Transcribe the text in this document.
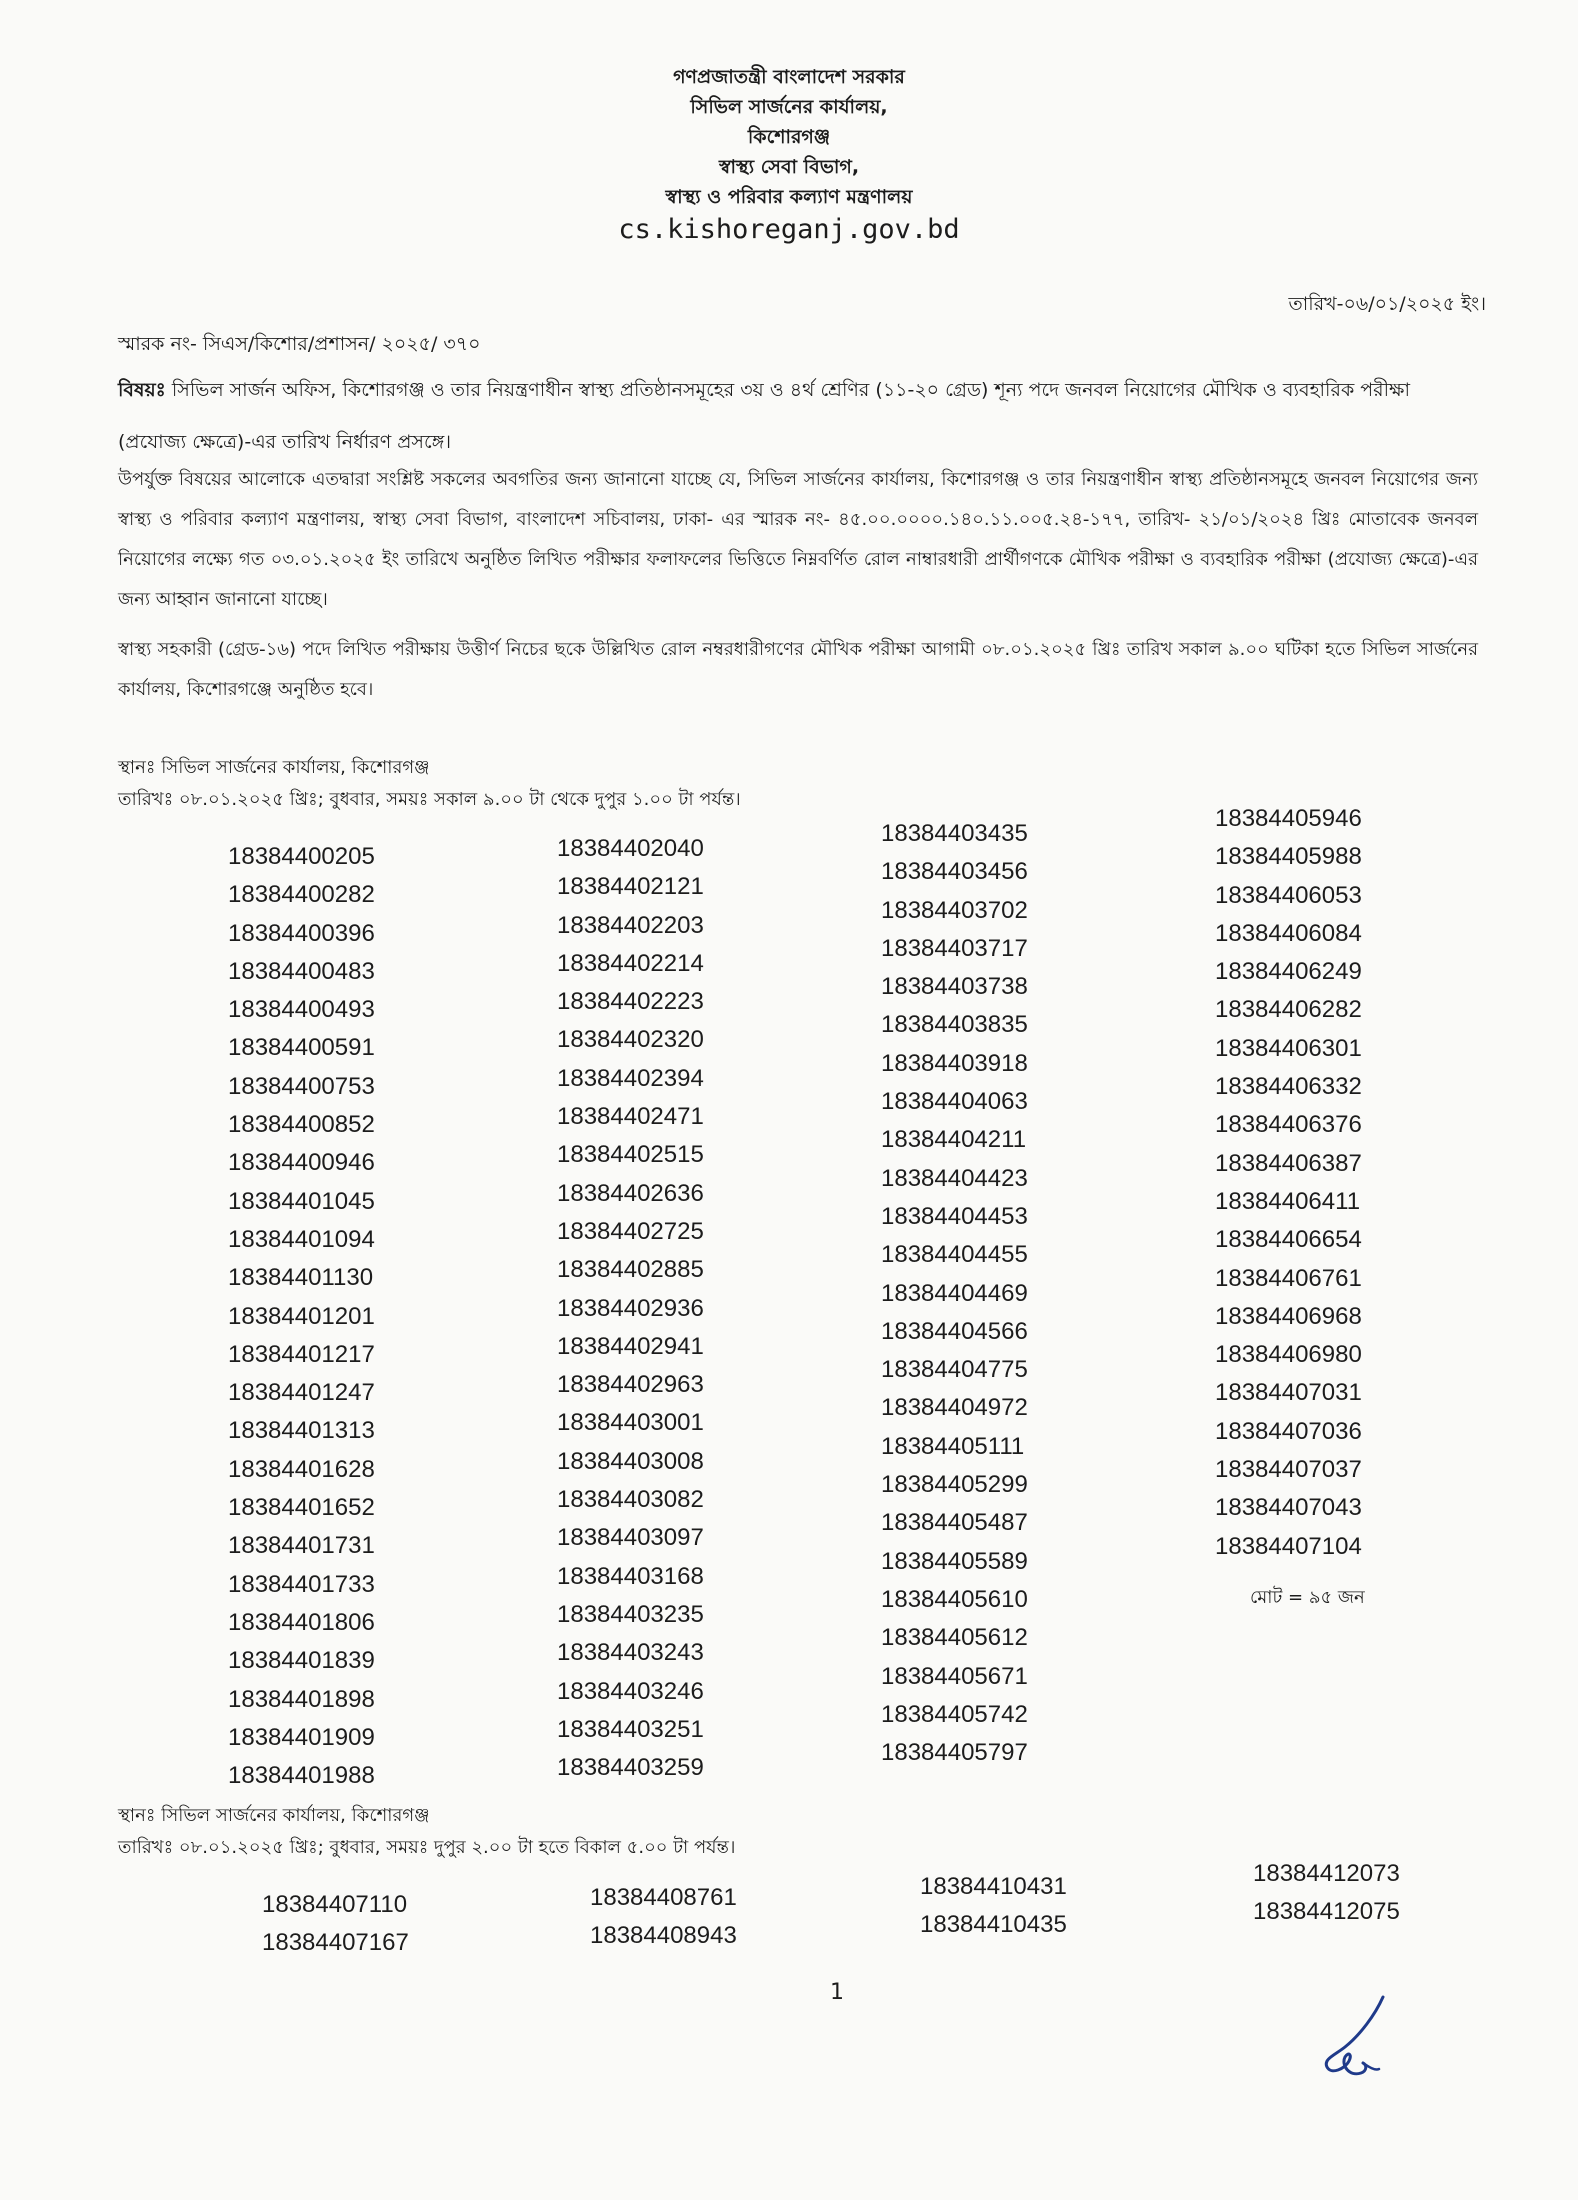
গণপ্রজাতন্ত্রী বাংলাদেশ সরকার
সিভিল সার্জনের কার্যালয়,
কিশোরগঞ্জ
স্বাস্থ্য সেবা বিভাগ,
স্বাস্থ্য ও পরিবার কল্যাণ মন্ত্রণালয়
cs.kishoreganj.gov.bd
তারিখ-০৬/০১/২০২৫ ইং।
স্মারক নং- সিএস/কিশোর/প্রশাসন/ ২০২৫/ ৩৭০
বিষয়ঃ সিভিল সার্জন অফিস, কিশোরগঞ্জ ও তার নিয়ন্ত্রণাধীন স্বাস্থ্য প্রতিষ্ঠানসমূহের ৩য় ও ৪র্থ শ্রেণির (১১-২০ গ্রেড) শূন্য পদে জনবল নিয়োগের মৌখিক ও ব্যবহারিক পরীক্ষা (প্রযোজ্য ক্ষেত্রে)-এর তারিখ নির্ধারণ প্রসঙ্গে।
উপর্যুক্ত বিষয়ের আলোকে এতদ্বারা সংশ্লিষ্ট সকলের অবগতির জন্য জানানো যাচ্ছে যে, সিভিল সার্জনের কার্যালয়, কিশোরগঞ্জ ও তার নিয়ন্ত্রণাধীন স্বাস্থ্য প্রতিষ্ঠানসমূহে জনবল নিয়োগের জন্য স্বাস্থ্য ও পরিবার কল্যাণ মন্ত্রণালয়, স্বাস্থ্য সেবা বিভাগ, বাংলাদেশ সচিবালয়, ঢাকা- এর স্মারক নং- ৪৫.০০.০০০০.১৪০.১১.০০৫.২৪-১৭৭, তারিখ- ২১/০১/২০২৪ খ্রিঃ মোতাবেক জনবল নিয়োগের লক্ষ্যে গত ০৩.০১.২০২৫ ইং তারিখে অনুষ্ঠিত লিখিত পরীক্ষার ফলাফলের ভিত্তিতে নিম্নবর্ণিত রোল নাম্বারধারী প্রার্থীগণকে মৌখিক পরীক্ষা ও ব্যবহারিক পরীক্ষা (প্রযোজ্য ক্ষেত্রে)-এর জন্য আহ্বান জানানো যাচ্ছে।
স্বাস্থ্য সহকারী (গ্রেড-১৬) পদে লিখিত পরীক্ষায় উত্তীর্ণ নিচের ছকে উল্লিখিত রোল নম্বরধারীগণের মৌখিক পরীক্ষা আগামী ০৮.০১.২০২৫ খ্রিঃ তারিখ সকাল ৯.০০ ঘটিকা হতে সিভিল সার্জনের কার্যালয়, কিশোরগঞ্জে অনুষ্ঠিত হবে।
স্থানঃ সিভিল সার্জনের কার্যালয়, কিশোরগঞ্জ
তারিখঃ ০৮.০১.২০২৫ খ্রিঃ; বুধবার, সময়ঃ সকাল ৯.০০ টা থেকে দুপুর ১.০০ টা পর্যন্ত।
18384400205
18384400282
18384400396
18384400483
18384400493
18384400591
18384400753
18384400852
18384400946
18384401045
18384401094
18384401130
18384401201
18384401217
18384401247
18384401313
18384401628
18384401652
18384401731
18384401733
18384401806
18384401839
18384401898
18384401909
18384401988
18384402040
18384402121
18384402203
18384402214
18384402223
18384402320
18384402394
18384402471
18384402515
18384402636
18384402725
18384402885
18384402936
18384402941
18384402963
18384403001
18384403008
18384403082
18384403097
18384403168
18384403235
18384403243
18384403246
18384403251
18384403259
18384403435
18384403456
18384403702
18384403717
18384403738
18384403835
18384403918
18384404063
18384404211
18384404423
18384404453
18384404455
18384404469
18384404566
18384404775
18384404972
18384405111
18384405299
18384405487
18384405589
18384405610
18384405612
18384405671
18384405742
18384405797
18384405946
18384405988
18384406053
18384406084
18384406249
18384406282
18384406301
18384406332
18384406376
18384406387
18384406411
18384406654
18384406761
18384406968
18384406980
18384407031
18384407036
18384407037
18384407043
18384407104
মোট = ৯৫ জন
স্থানঃ সিভিল সার্জনের কার্যালয়, কিশোরগঞ্জ
তারিখঃ ০৮.০১.২০২৫ খ্রিঃ; বুধবার, সময়ঃ দুপুর ২.০০ টা হতে বিকাল ৫.০০ টা পর্যন্ত।
18384407110
18384407167
18384408761
18384408943
18384410431
18384410435
18384412073
18384412075
1
